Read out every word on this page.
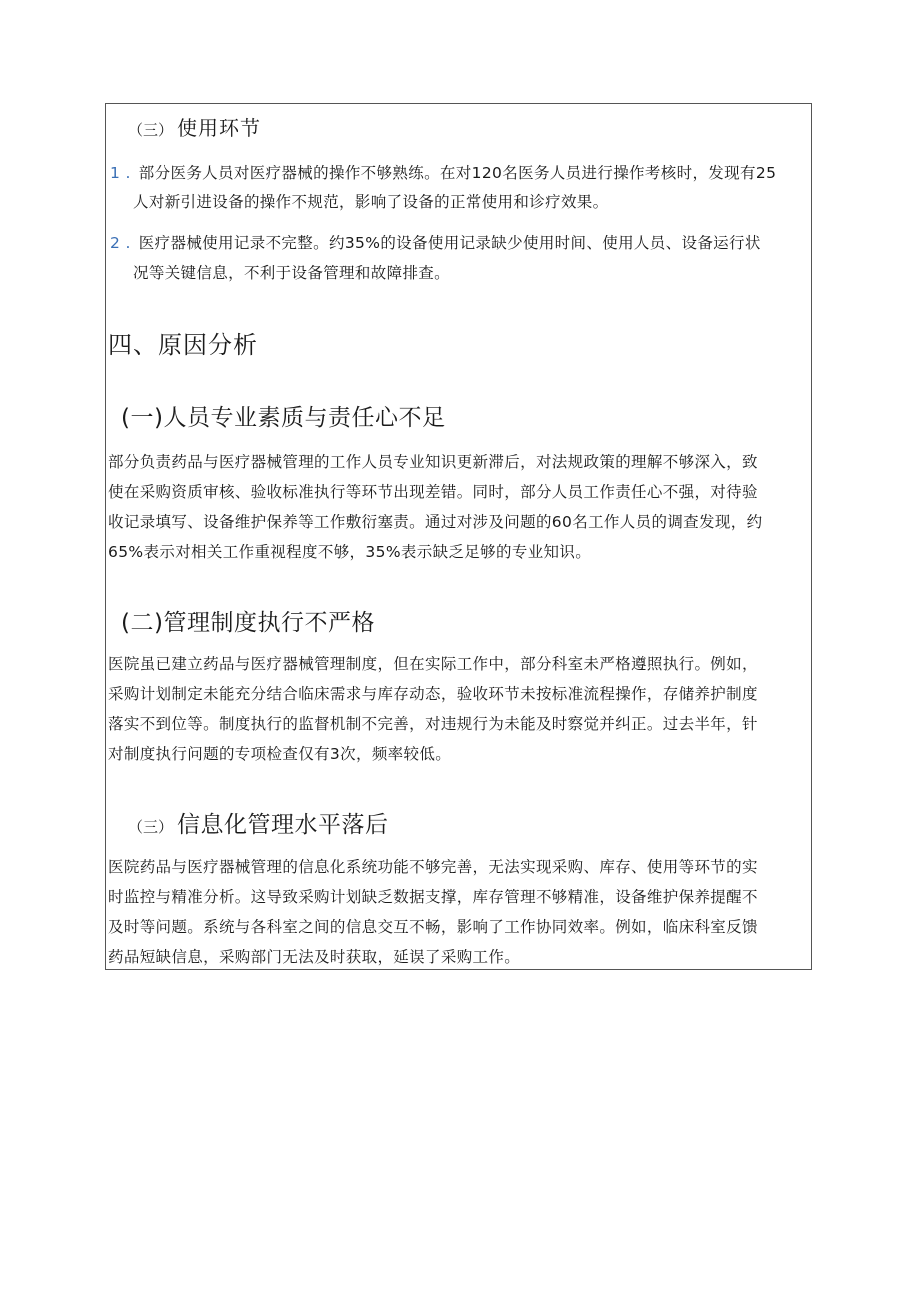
（三） 使用环节
1 . 部分医务人员对医疗器械的操作不够熟练。在对120名医务人员进行操作考核时，发现有25
人对新引进设备的操作不规范，影响了设备的正常使用和诊疗效果。
2 . 医疗器械使用记录不完整。约35%的设备使用记录缺少使用时间、使用人员、设备运行状
况等关键信息，不利于设备管理和故障排查。
四、原因分析
(一)人员专业素质与责任心不足
部分负责药品与医疗器械管理的工作人员专业知识更新滞后，对法规政策的理解不够深入，致
使在采购资质审核、验收标准执行等环节出现差错。同时，部分人员工作责任心不强，对待验
收记录填写、设备维护保养等工作敷衍塞责。通过对涉及问题的60名工作人员的调查发现，约
65%表示对相关工作重视程度不够，35%表示缺乏足够的专业知识。
(二)管理制度执行不严格
医院虽已建立药品与医疗器械管理制度，但在实际工作中，部分科室未严格遵照执行。例如，
采购计划制定未能充分结合临床需求与库存动态，验收环节未按标准流程操作，存储养护制度
落实不到位等。制度执行的监督机制不完善，对违规行为未能及时察觉并纠正。过去半年，针
对制度执行问题的专项检查仅有3次，频率较低。
（三） 信息化管理水平落后
医院药品与医疗器械管理的信息化系统功能不够完善，无法实现采购、库存、使用等环节的实
时监控与精准分析。这导致采购计划缺乏数据支撑，库存管理不够精准，设备维护保养提醒不
及时等问题。系统与各科室之间的信息交互不畅，影响了工作协同效率。例如，临床科室反馈
药品短缺信息，采购部门无法及时获取，延误了采购工作。
